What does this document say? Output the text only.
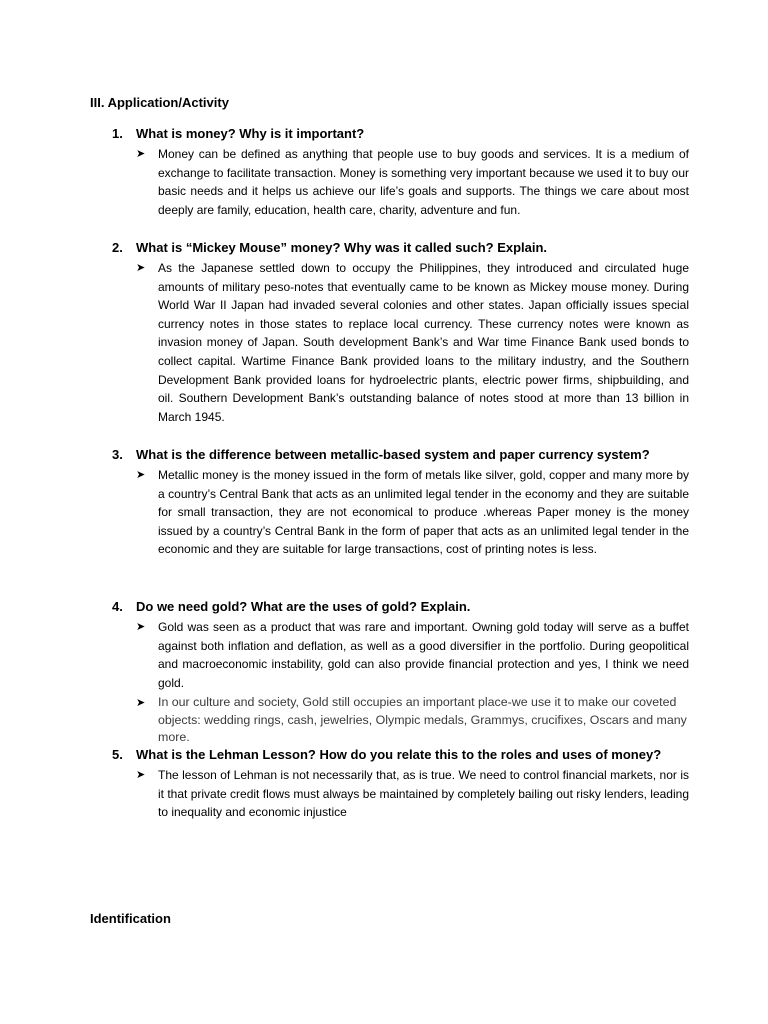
III. Application/Activity
1. What is money? Why is it important?
➤ Money can be defined as anything that people use to buy goods and services. It is a medium of exchange to facilitate transaction. Money is something very important because we used it to buy our basic needs and it helps us achieve our life’s goals and supports. The things we care about most deeply are family, education, health care, charity, adventure and fun.

2. What is “Mickey Mouse” money? Why was it called such? Explain.
➤ As the Japanese settled down to occupy the Philippines, they introduced and circulated huge amounts of military peso-notes that eventually came to be known as Mickey mouse money. During World War II Japan had invaded several colonies and other states. Japan officially issues special currency notes in those states to replace local currency. These currency notes were known as invasion money of Japan. South development Bank’s and War time Finance Bank used bonds to collect capital. Wartime Finance Bank provided loans to the military industry, and the Southern Development Bank provided loans for hydroelectric plants, electric power firms, shipbuilding, and oil. Southern Development Bank’s outstanding balance of notes stood at more than 13 billion in March 1945.

3. What is the difference between metallic-based system and paper currency system?
➤ Metallic money is the money issued in the form of metals like silver, gold, copper and many more by a country’s Central Bank that acts as an unlimited legal tender in the economy and they are suitable for small transaction, they are not economical to produce .whereas Paper money is the money issued by a country’s Central Bank in the form of paper that acts as an unlimited legal tender in the economic and they are suitable for large transactions, cost of printing notes is less.

4. Do we need gold? What are the uses of gold? Explain.
➤ Gold was seen as a product that was rare and important. Owning gold today will serve as a buffet against both inflation and deflation, as well as a good diversifier in the portfolio. During geopolitical and macroeconomic instability, gold can also provide financial protection and yes, I think we need gold.

➤ In our culture and society, Gold still occupies an important place-we use it to make our coveted objects: wedding rings, cash, jewelries, Olympic medals, Grammys, crucifixes, Oscars and many more.

5. What is the Lehman Lesson? How do you relate this to the roles and uses of money?
➤ The lesson of Lehman is not necessarily that, as is true. We need to control financial markets, nor is it that private credit flows must always be maintained by completely bailing out risky lenders, leading to inequality and economic injustice

Identification
